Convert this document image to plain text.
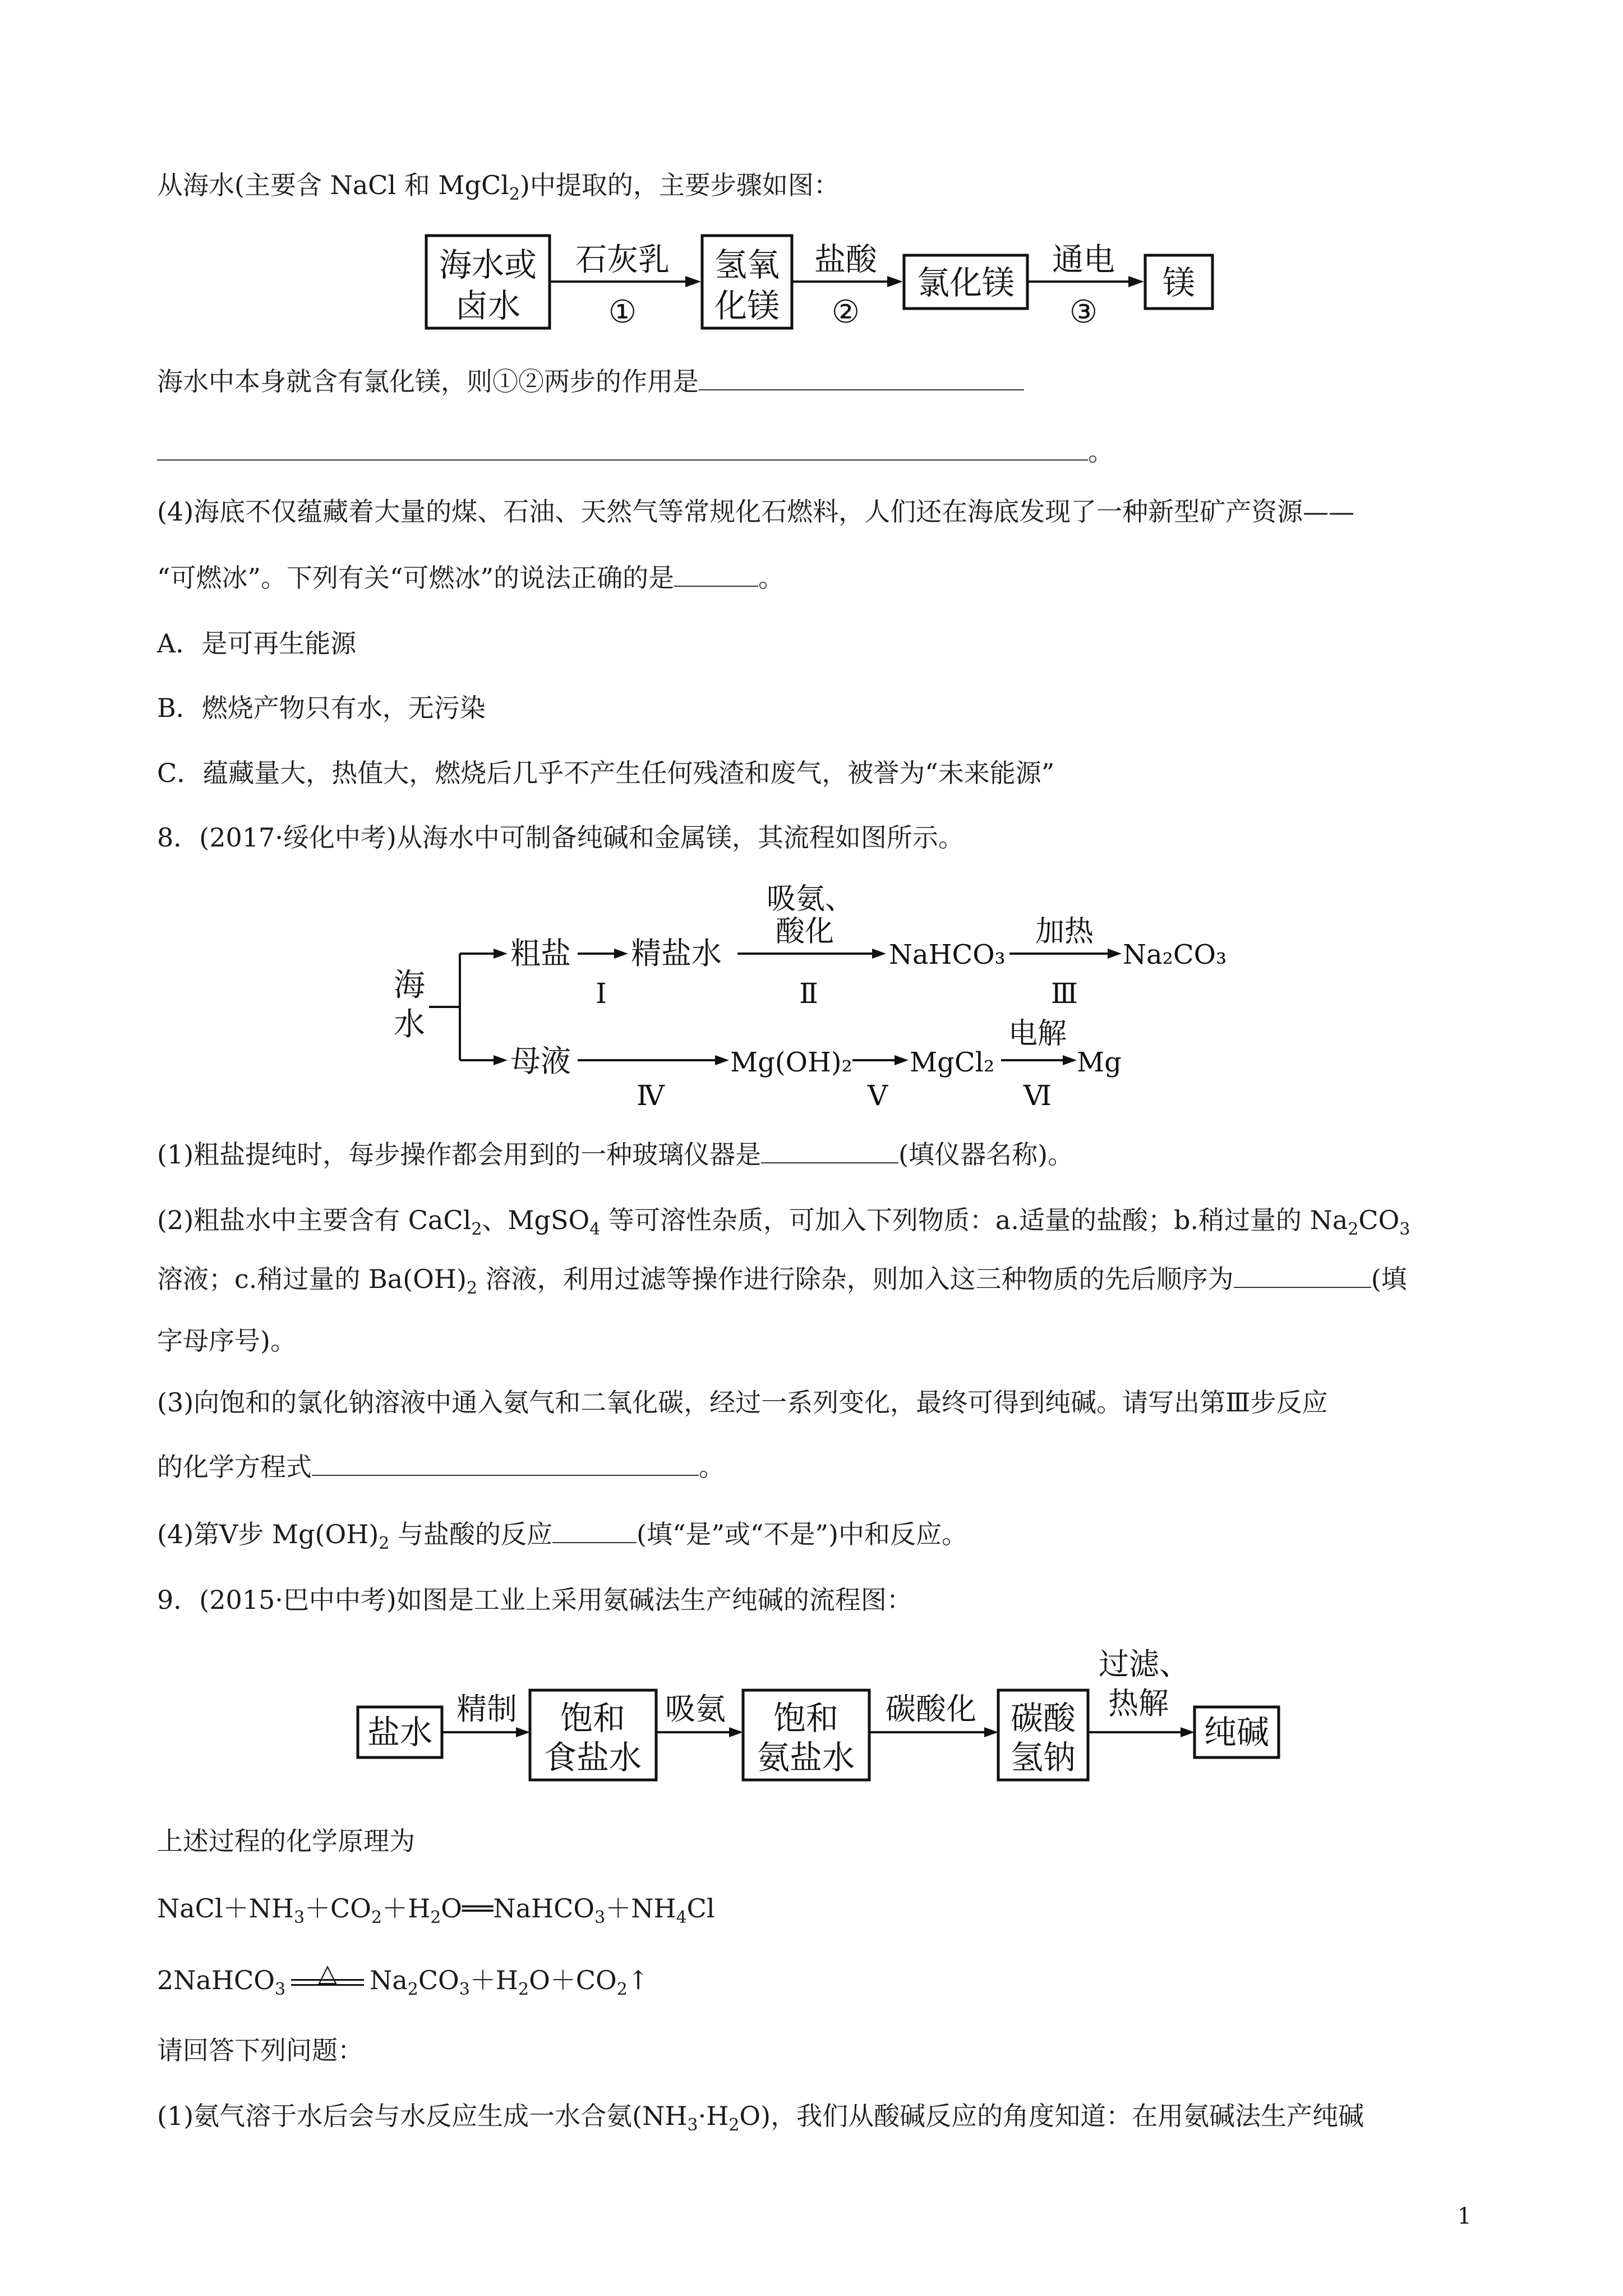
从海水(主要含 NaCl 和 MgCl$_2$)中提取的，主要步骤如图：
海水或
卤水
石灰乳
①
氢氧
化镁
盐酸
②
氯化镁
通电
③
镁
海水中本身就含有氯化镁，则①②两步的作用是
。
(4)海底不仅蕴藏着大量的煤、石油、天然气等常规化石燃料，人们还在海底发现了一种新型矿产资源——
“可燃冰”。下列有关“可燃冰”的说法正确的是	。
A．是可再生能源
B．燃烧产物只有水，无污染
C．蕴藏量大，热值大，燃烧后几乎不产生任何残渣和废气，被誉为“未来能源”
8．(2017·绥化中考)从海水中可制备纯碱和金属镁，其流程如图所示。
海
水
粗盐
Ⅰ
精盐水
吸氨、
酸化
Ⅱ
NaHCO₃
加热
Ⅲ
Na₂CO₃
母液
Ⅳ
Mg(OH)₂
Ⅴ
MgCl₂
电解
Ⅵ
Mg
(1)粗盐提纯时，每步操作都会用到的一种玻璃仪器是	(填仪器名称)。
(2)粗盐水中主要含有 CaCl$_2$、MgSO$_4$ 等可溶性杂质，可加入下列物质：a.适量的盐酸；b.稍过量的 $Na_2CO_3$
溶液；c.稍过量的 $Ba(OH)_2$ 溶液，利用过滤等操作进行除杂，则加入这三种物质的先后顺序为	(填
字母序号)。
(3)向饱和的氯化钠溶液中通入氨气和二氧化碳，经过一系列变化，最终可得到纯碱。请写出第Ⅲ步反应
的化学方程式	。
(4)第Ⅴ步 $Mg(OH)_2$ 与盐酸的反应	(填“是”或“不是”)中和反应。
9．(2015·巴中中考)如图是工业上采用氨碱法生产纯碱的流程图：
盐水
精制 饱和
食盐水
吸氨 饱和
氨盐水
碳酸化 碳酸
氢钠
过滤、
热解
纯碱
上述过程的化学原理为
$NaCl+NH_3+CO_2+H_2O══NaHCO_3+NH_4Cl$
2NaHCO$_3$
△	$Na_2CO_3+H_2O+CO_2↑$
请回答下列问题：
(1)氨气溶于水后会与水反应生成一水合氨$(NH_3\cdot H_2O)$，我们从酸碱反应的角度知道：在用氨碱法生产纯碱
1
